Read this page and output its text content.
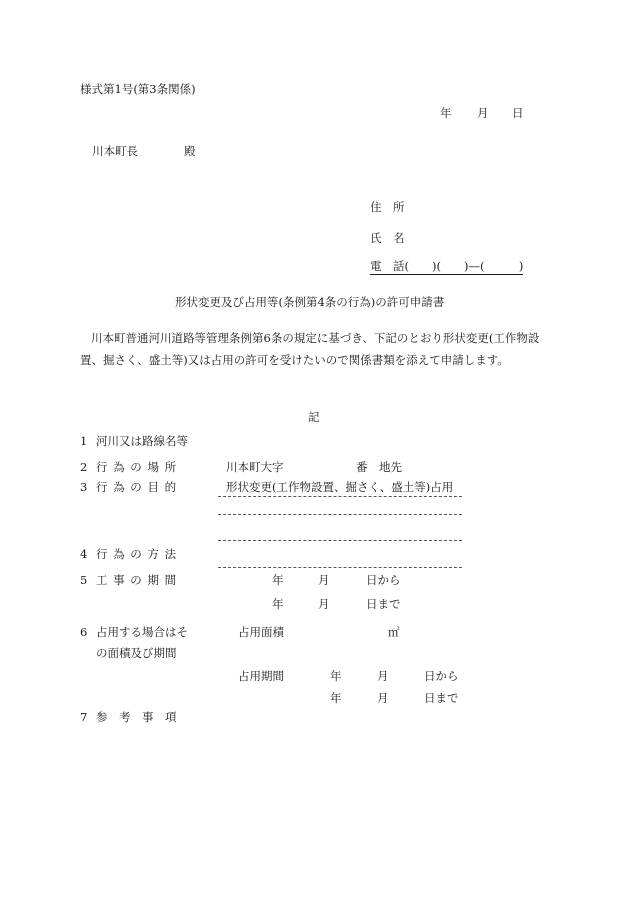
様式第1号(第3条関係)
年 月 日
川本町長	殿
住　所
氏　名
電　話(　　)(　　)—(　　　)
形状変更及び占用等(条例第4条の行為)の許可申請書
川本町普通河川道路等管理条例第6条の規定に基づき、下記のとおり形状変更(工作物設置、掘さく、盛土等)又は占用の許可を受けたいので関係書類を添えて申請します。
記
1 河川又は路線名等
2 行 為 の 場 所	川本町大字	番　地先
3 行 為 の 目 的	形状変更(工作物設置、掘さく、盛土等)占用
4 行 為 の 方 法
5 工 事 の 期 間	年	月	日から
年	月	日まで
6 占用する場合はそ
の面積及び期間
占用面積	㎡
占用期間	年	月	日から
年	月	日まで
7 参　考　事　項
